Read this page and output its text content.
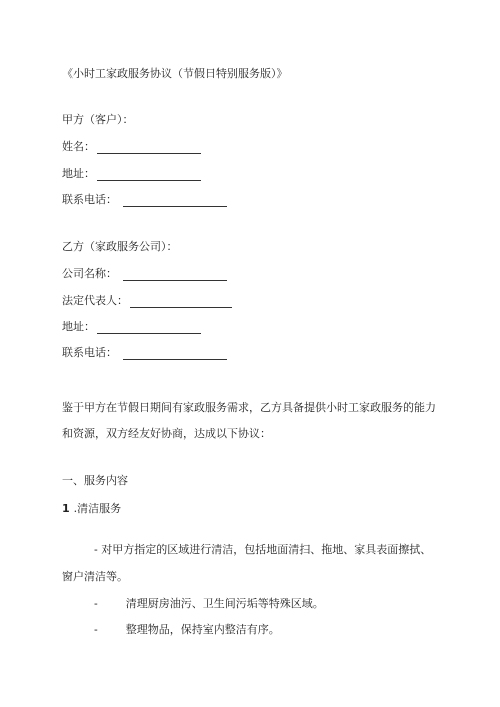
《小时工家政服务协议（节假日特别服务版）》
甲方（客户）：
姓名：
地址：
联系电话：
乙方（家政服务公司）：
公司名称：
法定代表人：
地址：
联系电话：
鉴于甲方在节假日期间有家政服务需求，乙方具备提供小时工家政服务的能力
和资源，双方经友好协商，达成以下协议：
一、服务内容
1 .清洁服务
- 对甲方指定的区域进行清洁，包括地面清扫、拖地、家具表面擦拭、
窗户清洁等。
-	清理厨房油污、卫生间污垢等特殊区域。
-	整理物品，保持室内整洁有序。
